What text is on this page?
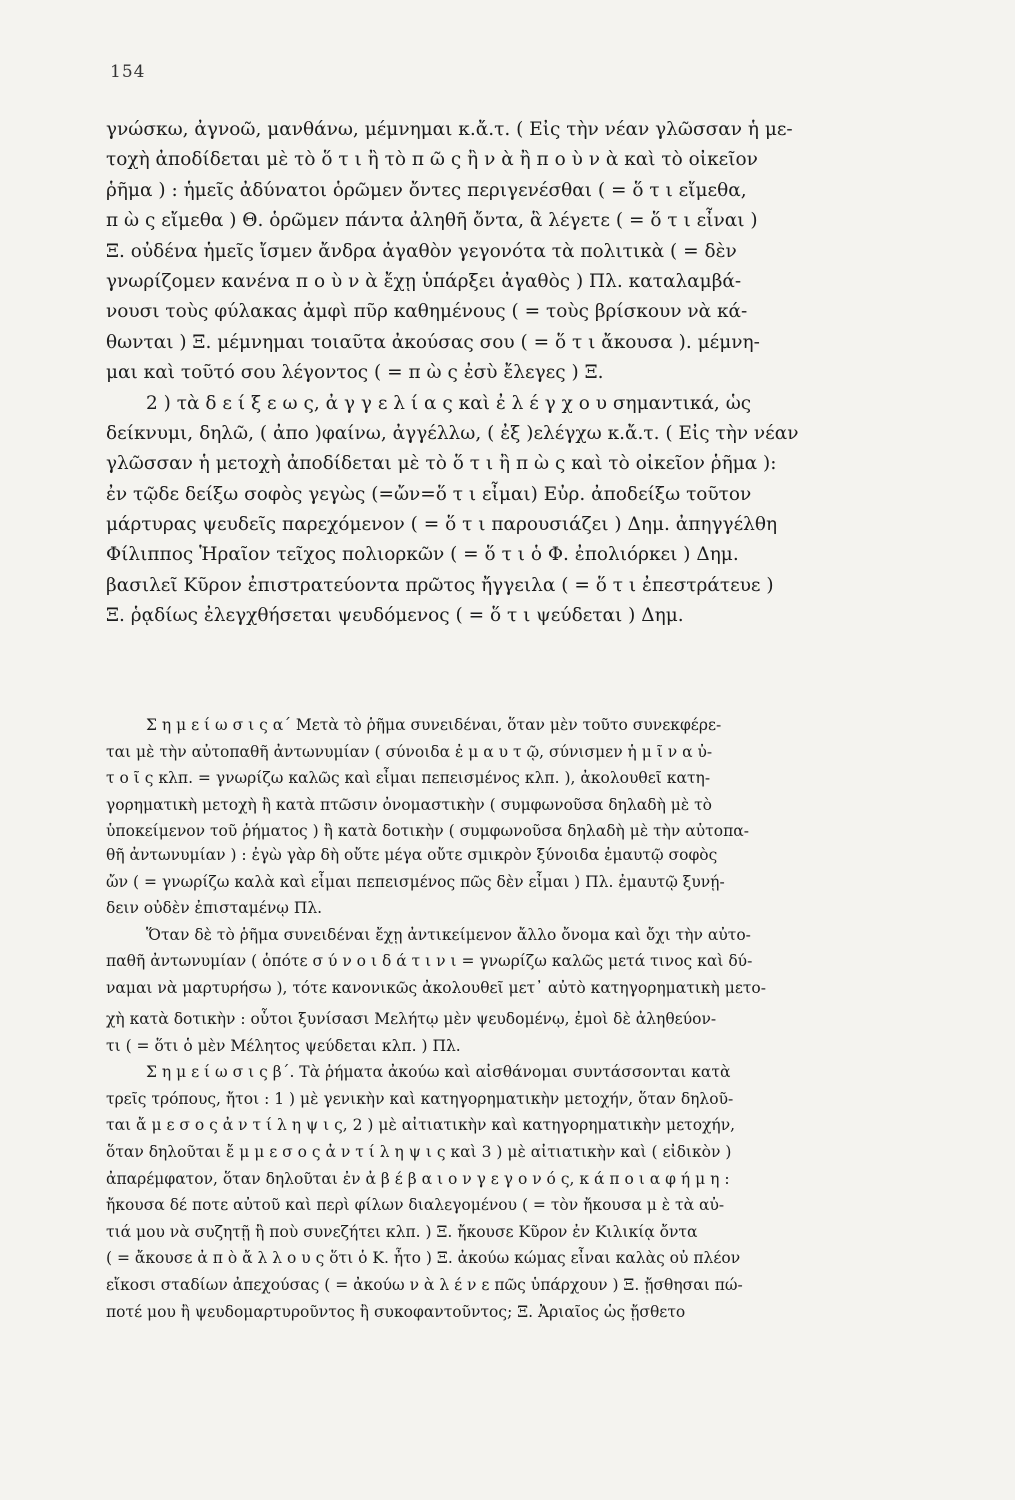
154
γνώσκω, ἀγνοῶ, μανθάνω, μέμνημαι κ.ἄ.τ. ( Εἰς τὴν νέαν γλῶσσαν ἡ με-
τοχὴ ἀποδίδεται μὲ τὸ ὅ τ ι ἢ τὸ π ῶ ς ἢ ν ὰ ἢ π ο ὺ ν ὰ καὶ τὸ οἰκεῖον
ῥῆμα ) : ἡμεῖς ἀδύνατοι ὁρῶμεν ὄντες περιγενέσθαι ( = ὅ τ ι εἴμεθα,
π ὼ ς εἴμεθα ) Θ. ὁρῶμεν πάντα ἀληθῆ ὄντα, ἃ λέγετε ( = ὅ τ ι εἶναι )
Ξ. οὐδένα ἡμεῖς ἴσμεν ἄνδρα ἀγαθὸν γεγονότα τὰ πολιτικὰ ( = δὲν
γνωρίζομεν κανένα π ο ὺ ν ὰ ἔχῃ ὑπάρξει ἀγαθὸς ) Πλ. καταλαμβά-
νουσι τοὺς φύλακας ἀμφὶ πῦρ καθημένους ( = τοὺς βρίσκουν νὰ κά-
θωνται ) Ξ. μέμνημαι τοιαῦτα ἀκούσας σου ( = ὅ τ ι ἄκουσα ). μέμνη-
μαι καὶ τοῦτό σου λέγοντος ( = π ὼ ς ἐσὺ ἔλεγες ) Ξ.
2 ) τὰ δ ε ί ξ ε ω ς, ἀ γ γ ε λ ί α ς καὶ ἐ λ έ γ χ ο υ σημαντικά, ὡς
δείκνυμι, δηλῶ, ( ἀπο )φαίνω, ἀγγέλλω, ( ἐξ )ελέγχω κ.ἄ.τ. ( Εἰς τὴν νέαν
γλῶσσαν ἡ μετοχὴ ἀποδίδεται μὲ τὸ ὅ τ ι ἢ π ὼ ς καὶ τὸ οἰκεῖον ῥῆμα ):
ἐν τῷδε δείξω σοφὸς γεγὼς (=ὤν=ὅ τ ι εἶμαι) Εὐρ. ἀποδείξω τοῦτον
μάρτυρας ψευδεῖς παρεχόμενον ( = ὅ τ ι παρουσιάζει ) Δημ. ἀπηγγέλθη
Φίλιππος Ἡραῖον τεῖχος πολιορκῶν ( = ὅ τ ι ὁ Φ. ἐπολιόρκει ) Δημ.
βασιλεῖ Κῦρον ἐπιστρατεύοντα πρῶτος ἤγγειλα ( = ὅ τ ι ἐπεστράτευε )
Ξ. ῥᾳδίως ἐλεγχθήσεται ψευδόμενος ( = ὅ τ ι ψεύδεται ) Δημ.
Σ η μ ε ί ω σ ι ς α΄ Μετὰ τὸ ῥῆμα συνειδέναι, ὅταν μὲν τοῦτο συνεκφέρε-
ται μὲ τὴν αὐτοπαθῆ ἀντωνυμίαν ( σύνοιδα ἐ μ α υ τ ῷ, σύνισμεν ἡ μ ῖ ν α ὐ-
τ ο ῖ ς κλπ. = γνωρίζω καλῶς καὶ εἶμαι πεπεισμένος κλπ. ), ἀκολουθεῖ κατη-
γορηματικὴ μετοχὴ ἢ κατὰ πτῶσιν ὀνομαστικὴν ( συμφωνοῦσα δηλαδὴ μὲ τὸ
ὑποκείμενον τοῦ ῥήματος ) ἢ κατὰ δοτικὴν ( συμφωνοῦσα δηλαδὴ μὲ τὴν αὐτοπα-
θῆ ἀντωνυμίαν ) : ἐγὼ γὰρ δὴ οὔτε μέγα οὔτε σμικρὸν ξύνοιδα ἐμαυτῷ σοφὸς
ὤν ( = γνωρίζω καλὰ καὶ εἶμαι πεπεισμένος πῶς δὲν εἶμαι ) Πλ. ἐμαυτῷ ξυνῄ-
δειν οὐδὲν ἐπισταμένῳ Πλ.
Ὅταν δὲ τὸ ῥῆμα συνειδέναι ἔχῃ ἀντικείμενον ἄλλο ὄνομα καὶ ὄχι τὴν αὐτο-
παθῆ ἀντωνυμίαν ( ὁπότε σ ύ ν ο ι δ ά τ ι ν ι = γνωρίζω καλῶς μετά τινος καὶ δύ-
ναμαι νὰ μαρτυρήσω ), τότε κανονικῶς ἀκολουθεῖ μετ᾽ αὐτὸ κατηγορηματικὴ μετο-
χὴ κατὰ δοτικὴν : οὗτοι ξυνίσασι Μελήτῳ μὲν ψευδομένῳ, ἐμοὶ δὲ ἀληθεύον-
τι ( = ὅτι ὁ μὲν Μέλητος ψεύδεται κλπ. ) Πλ.
Σ η μ ε ί ω σ ι ς β΄. Τὰ ῥήματα ἀκούω καὶ αἰσθάνομαι συντάσσονται κατὰ
τρεῖς τρόπους, ἤτοι : 1 ) μὲ γενικὴν καὶ κατηγορηματικὴν μετοχήν, ὅταν δηλοῦ-
ται ἄ μ ε σ ο ς ἀ ν τ ί λ η ψ ι ς, 2 ) μὲ αἰτιατικὴν καὶ κατηγορηματικὴν μετοχήν,
ὅταν δηλοῦται ἔ μ μ ε σ ο ς ἀ ν τ ί λ η ψ ι ς καὶ 3 ) μὲ αἰτιατικὴν καὶ ( εἰδικὸν )
ἀπαρέμφατον, ὅταν δηλοῦται ἐν ἀ β έ β α ι ο ν γ ε γ ο ν ό ς, κ ά π ο ι α φ ή μ η :
ἤκουσα δέ ποτε αὐτοῦ καὶ περὶ φίλων διαλεγομένου ( = τὸν ἤκουσα μ ὲ τὰ αὐ-
τιά μου νὰ συζητῇ ἢ ποὺ συνεζήτει κλπ. ) Ξ. ἤκουσε Κῦρον ἐν Κιλικίᾳ ὄντα
( = ἄκουσε ἀ π ὸ ἄ λ λ ο υ ς ὅτι ὁ Κ. ἦτο ) Ξ. ἀκούω κώμας εἶναι καλὰς οὐ πλέον
εἴκοσι σταδίων ἀπεχούσας ( = ἀκούω ν ὰ λ έ ν ε πῶς ὑπάρχουν ) Ξ. ᾔσθησαι πώ-
ποτέ μου ἢ ψευδομαρτυροῦντος ἢ συκοφαντοῦντος; Ξ. Ἀριαῖος ὡς ᾔσθετο
